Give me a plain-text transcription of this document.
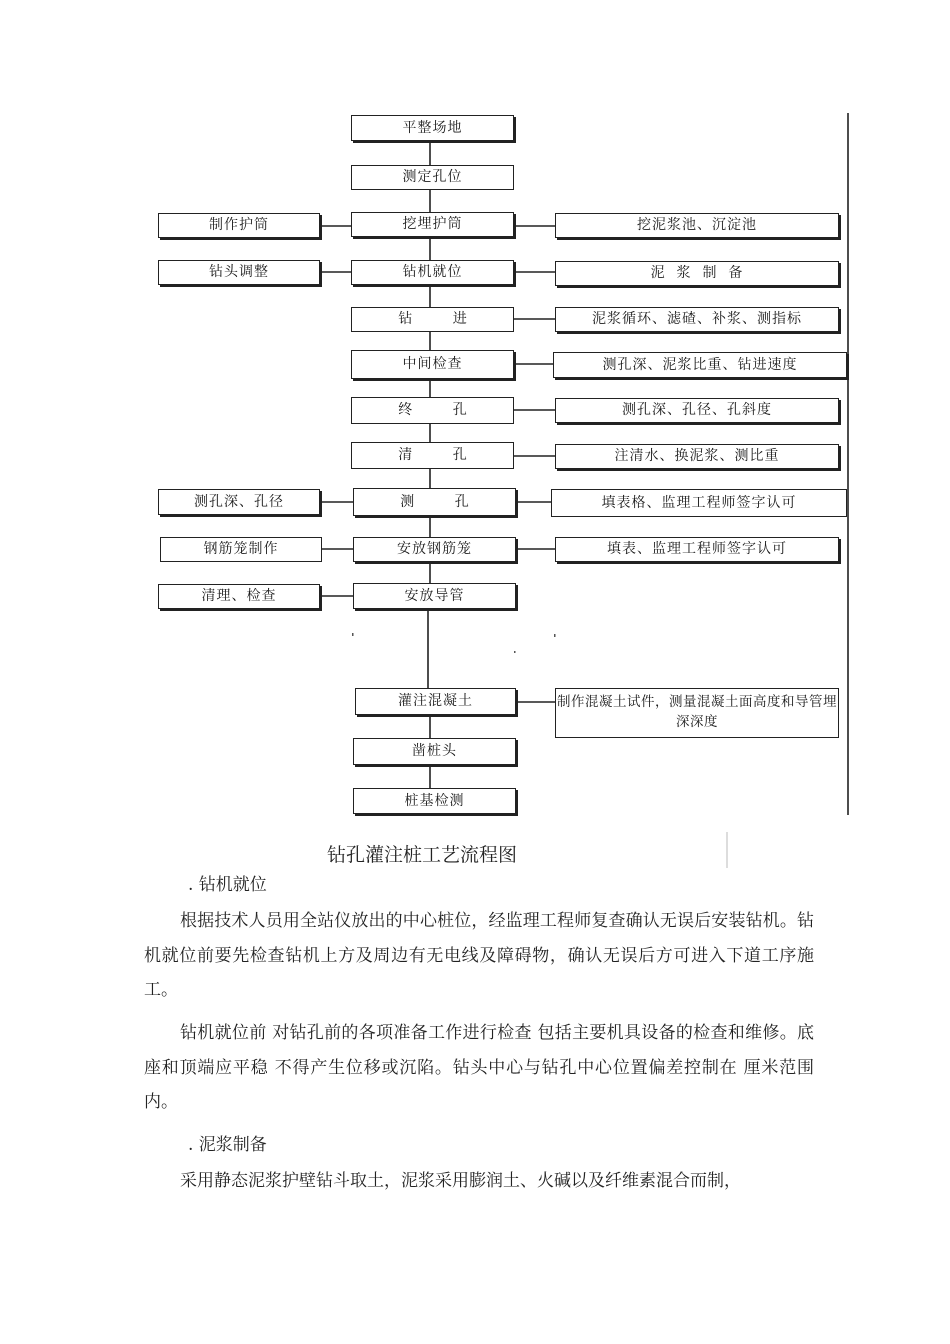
平整场地
测定孔位
挖埋护筒
钻机就位
钻 进
中间检查
终 孔
清 孔
测 孔
安放钢筋笼
安放导管
灌注混凝土
凿桩头
桩基检测
制作护筒
钻头调整
测孔深、孔径
钢筋笼制作
清理、检查
挖泥浆池、沉淀池
泥  浆  制  备
泥浆循环、滤碴、补浆、测指标
测孔深、泥浆比重、钻进速度
测孔深、孔径、孔斜度
注清水、换泥浆、测比重
填表格、监理工程师签字认可
填表、监理工程师签字认可
制作混凝土试件，测量混凝土面高度和导管埋深深度
钻孔灌注桩工艺流程图
. 钻机就位

根据技术人员用全站仪放出的中心桩位，经监理工程师复查确认无误后安装钻机。钻机就位前要先检查钻机上方及周边有无电线及障碍物，确认无误后方可进入下道工序施工。

钻机就位前 对钻孔前的各项准备工作进行检查 包括主要机具设备的检查和维修。底座和顶端应平稳 不得产生位移或沉陷。钻头中心与钻孔中心位置偏差控制在 厘米范围内。

. 泥浆制备

采用静态泥浆护壁钻斗取土，泥浆采用膨润土、火碱以及纤维素混合而制，
